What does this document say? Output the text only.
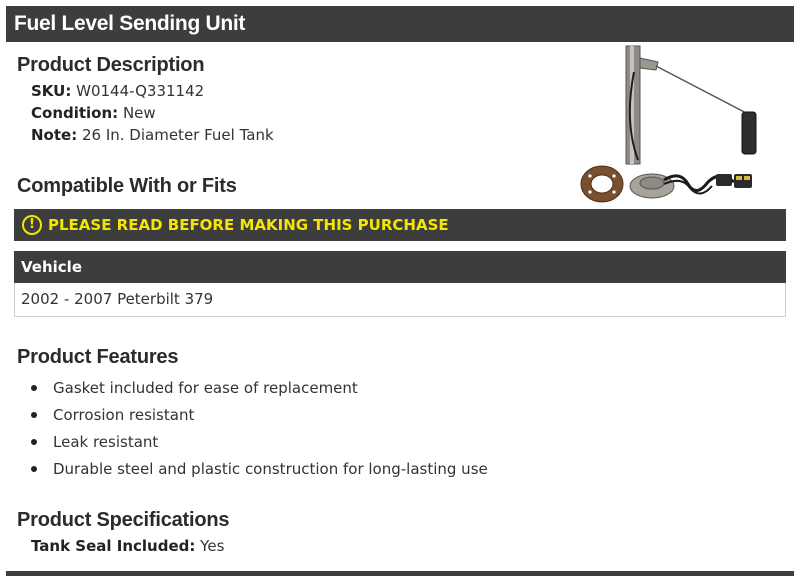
Fuel Level Sending Unit
Product Description
SKU: W0144-Q331142
Condition: New
Note: 26 In. Diameter Fuel Tank
Compatible With or Fits
! PLEASE READ BEFORE MAKING THIS PURCHASE
Vehicle
2002 - 2007 Peterbilt 379
Product Features
Gasket included for ease of replacement
Corrosion resistant
Leak resistant
Durable steel and plastic construction for long-lasting use
Product Specifications
Tank Seal Included: Yes
